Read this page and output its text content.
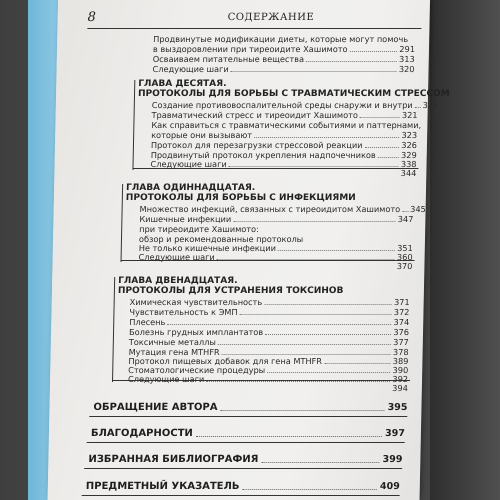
8	СОДЕРЖАНИЕ
Продвинутые модификации диеты, которые могут помочь
в выздоровлении при тиреоидите Хашимото	291
Осваиваем питательные вещества	313
Следующие шаги	320
ГЛАВА ДЕСЯТАЯ.
ПРОТОКОЛЫ ДЛЯ БОРЬБЫ С ТРАВМАТИЧЕСКИМ СТРЕССОМ
Создание противовоспалительной среды снаружи и внутри 321
Травматический стресс и тиреоидит Хашимото	321
Как справиться с травматическими событиями и паттернами,
которые они вызывают	323
Протокол для перезагрузки стрессовой реакции	326
Продвинутый протокол укрепления надпочечников	329
Следующие шаги	338
344
ГЛАВА ОДИННАДЦАТАЯ.
ПРОТОКОЛЫ ДЛЯ БОРЬБЫ С ИНФЕКЦИЯМИ
Множество инфекций, связанных с тиреоидитом Хашимото 345
Кишечные инфекции	347
при тиреоидите Хашимото:
обзор и рекомендованные протоколы
Не только кишечные инфекции	351
Следующие шаги	360
370
ГЛАВА ДВЕНАДЦАТАЯ.
ПРОТОКОЛЫ ДЛЯ УСТРАНЕНИЯ ТОКСИНОВ
Химическая чувствительность	371
Чувствительность к ЭМП	372
Плесень	374
Болезнь грудных имплантатов	376
Токсичные металлы	377
Мутация гена MTHFR	378
Протокол пищевых добавок для гена MTHFR	389
Стоматологические процедуры	390
Следующие шаги	392
394
ОБРАЩЕНИЕ АВТОРА	395
БЛАГОДАРНОСТИ	397
ИЗБРАННАЯ БИБЛИОГРАФИЯ	399
ПРЕДМЕТНЫЙ УКАЗАТЕЛЬ	409
